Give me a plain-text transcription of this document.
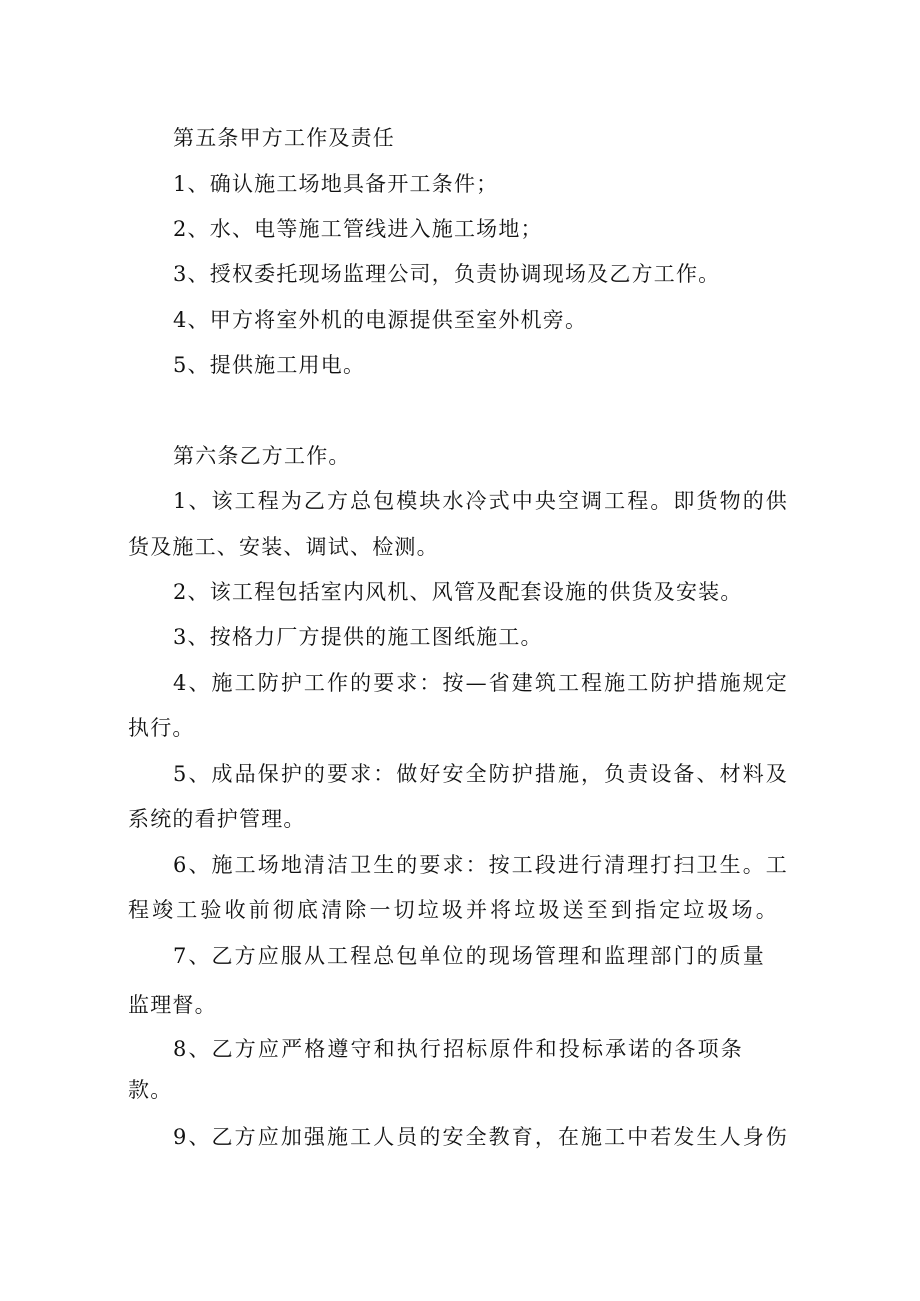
第五条甲方工作及责任
1、确认施工场地具备开工条件；
2、水、电等施工管线进入施工场地；
3、授权委托现场监理公司，负责协调现场及乙方工作。
4、甲方将室外机的电源提供至室外机旁。
5、提供施工用电。
第六条乙方工作。
1、该工程为乙方总包模块水冷式中央空调工程。即货物的供
货及施工、安装、调试、检测。
2、该工程包括室内风机、风管及配套设施的供货及安装。
3、按格力厂方提供的施工图纸施工。
4、施工防护工作的要求：按—省建筑工程施工防护措施规定
执行。
5、成品保护的要求：做好安全防护措施，负责设备、材料及
系统的看护管理。
6、施工场地清洁卫生的要求：按工段进行清理打扫卫生。工
程竣工验收前彻底清除一切垃圾并将垃圾送至到指定垃圾场。
7、乙方应服从工程总包单位的现场管理和监理部门的质量
监理督。
8、乙方应严格遵守和执行招标原件和投标承诺的各项条
款。
9、乙方应加强施工人员的安全教育，在施工中若发生人身伤
